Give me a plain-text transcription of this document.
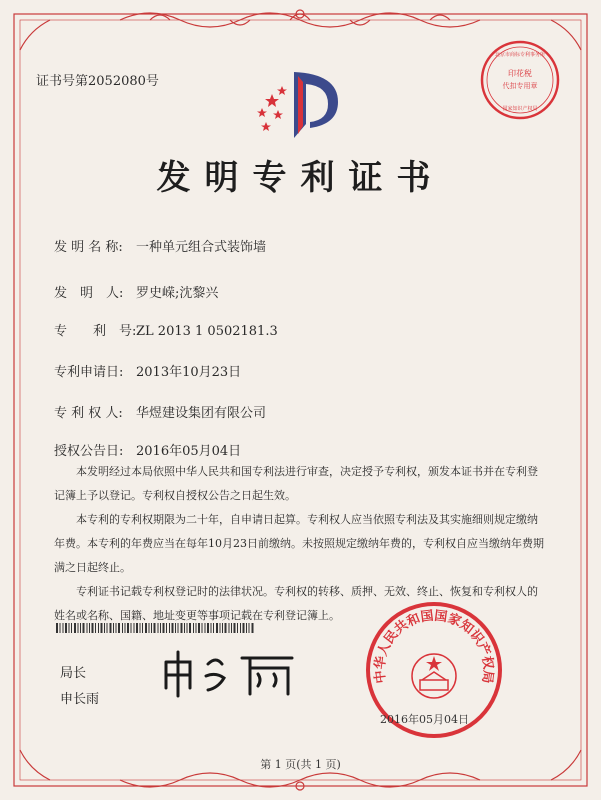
证书号第2052080号
印花税
代扣专用章
北京市商标专利事务所
国家知识产权局
发明专利证书
发 明 名 称: 一种单元组合式装饰墙
发　明　人: 罗史嵘;沈黎兴
专　　利　号:ZL 2013 1 0502181.3
专利申请日: 2013年10月23日
专 利 权 人: 华煜建设集团有限公司
授权公告日: 2016年05月04日

本发明经过本局依照中华人民共和国专利法进行审查，决定授予专利权，颁发本证书并在专利登记簿上予以登记。专利权自授权公告之日起生效。

本专利的专利权期限为二十年，自申请日起算。专利权人应当依照专利法及其实施细则规定缴纳年费。本专利的年费应当在每年10月23日前缴纳。未按照规定缴纳年费的，专利权自应当缴纳年费期满之日起终止。

专利证书记载专利权登记时的法律状况。专利权的转移、质押、无效、终止、恢复和专利权人的姓名或名称、国籍、地址变更等事项记载在专利登记簿上。

局长
申长雨
中华人民共和国国家知识产权局
2016年05月04日
第 1 页(共 1 页)
